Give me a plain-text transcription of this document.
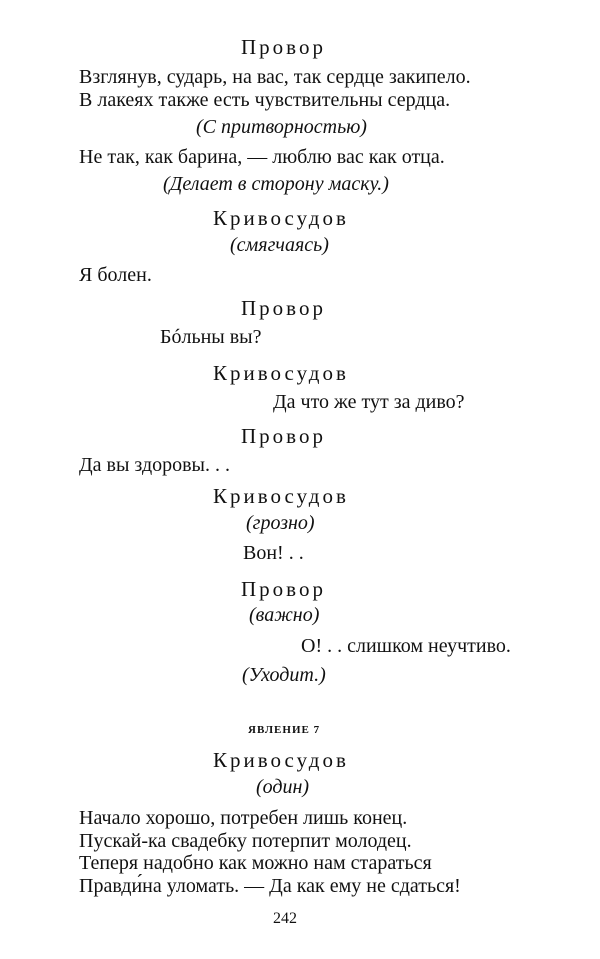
Провор
Взглянув, сударь, на вас, так сердце закипело.
В лакеях также есть чувствительны сердца.
(С притворностью)
Не так, как барина, — люблю вас как отца.
(Делает в сторону маску.)
Кривосудов
(смягчаясь)
Я болен.
Провор
Бóльны вы?
Кривосудов
Да что же тут за диво?
Провор
Да вы здоровы. . .
Кривосудов
(грозно)
Вон! . .
Провор
(важно)
О! . . слишком неучтиво.
(Уходит.)
ЯВЛЕНИЕ 7
Кривосудов
(один)
Начало хорошо, потребен лишь конец.
Пускай-ка свадебку потерпит молодец.
Теперя надобно как можно нам стараться
Правди́на уломать. — Да как ему не сдаться!
242
